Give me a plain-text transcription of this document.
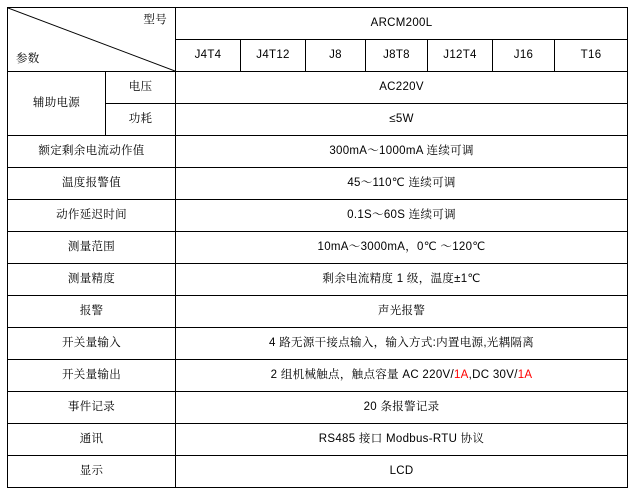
型号
参数		ARCM200L						
		J4T4	J4T12	J8	J8T8	J12T4	J16	T16
辅助电源	电压	AC220V						
	功耗	≤5W						
额定剩余电流动作值		300mA～1000mA 连续可调						
温度报警值		45～110℃ 连续可调						
动作延迟时间		0.1S～60S 连续可调						
测量范围		10mA～3000mA，0℃ ～120℃						
测量精度		剩余电流精度 1 级，温度±1℃						
报警		声光报警						
开关量输入		4 路无源干接点输入，输入方式:内置电源,光耦隔离						
开关量输出		2 组机械触点，触点容量 AC 220V/1A,DC 30V/1A						
事件记录		20 条报警记录						
通讯		RS485 接口 Modbus-RTU 协议						
显示		LCD						
